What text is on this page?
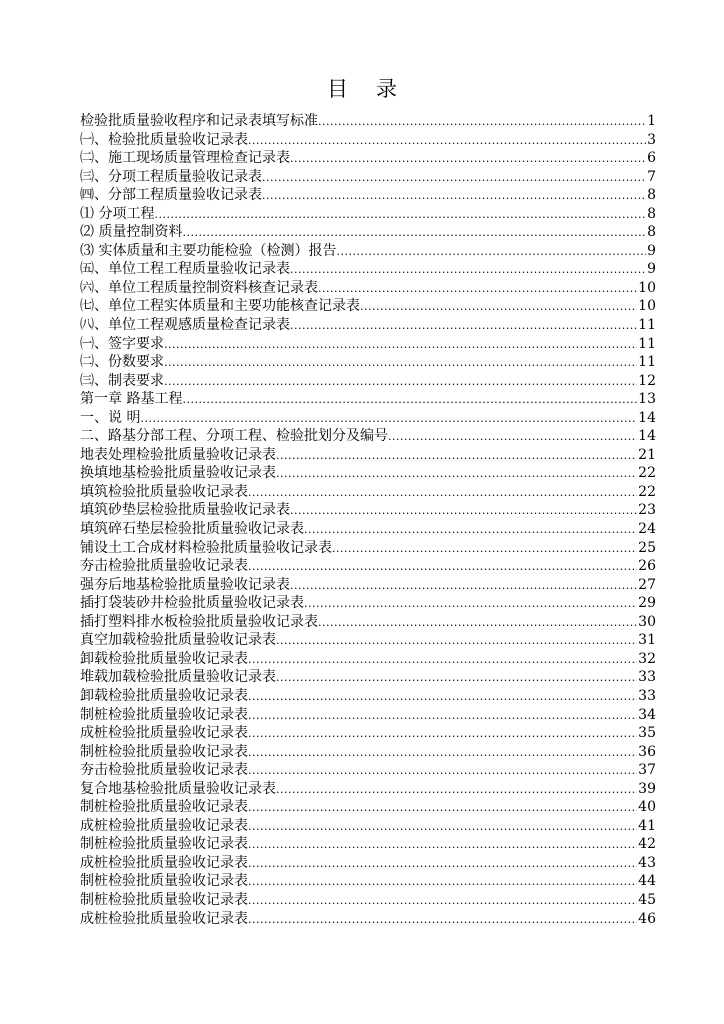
目录
检验批质量验收程序和记录表填写标准 .....	1
㈠、检验批质量验收记录表 .....	3
㈡、施工现场质量管理检查记录表 .....	6
㈢、分项工程质量验收记录表 .....	7
㈣、分部工程质量验收记录表 .....	8
⑴ 分项工程 .....	8
⑵ 质量控制资料 .....	8
⑶ 实体质量和主要功能检验（检测）报告 .....	9
㈤、单位工程工程质量验收记录表 .....	9
㈥、单位工程质量控制资料核查记录表 .....	10
㈦、单位工程实体质量和主要功能核查记录表 .....	10
㈧、单位工程观感质量检查记录表 .....	11
㈠、签字要求 .....	11
㈡、份数要求 .....	11
㈢、制表要求 .....	12
第一章 路基工程 .....	13
一、说 明 .....	14
二、路基分部工程、分项工程、检验批划分及编号 .....	14
地表处理检验批质量验收记录表 .....	21
换填地基检验批质量验收记录表 .....	22
填筑检验批质量验收记录表 .....	22
填筑砂垫层检验批质量验收记录表 .....	23
填筑碎石垫层检验批质量验收记录表 .....	24
铺设土工合成材料检验批质量验收记录表 .....	25
夯击检验批质量验收记录表 .....	26
强夯后地基检验批质量验收记录表 .....	27
插打袋装砂井检验批质量验收记录表 .....	29
插打塑料排水板检验批质量验收记录表 .....	30
真空加载检验批质量验收记录表 .....	31
卸载检验批质量验收记录表 .....	32
堆载加载检验批质量验收记录表 .....	33
卸载检验批质量验收记录表 .....	33
制桩检验批质量验收记录表 .....	34
成桩检验批质量验收记录表 .....	35
制桩检验批质量验收记录表 .....	36
夯击检验批质量验收记录表 .....	37
复合地基检验批质量验收记录表 .....	39
制桩检验批质量验收记录表 .....	40
成桩检验批质量验收记录表 .....	41
制桩检验批质量验收记录表 .....	42
成桩检验批质量验收记录表 .....	43
制桩检验批质量验收记录表 .....	44
制桩检验批质量验收记录表 .....	45
成桩检验批质量验收记录表 .....	46
